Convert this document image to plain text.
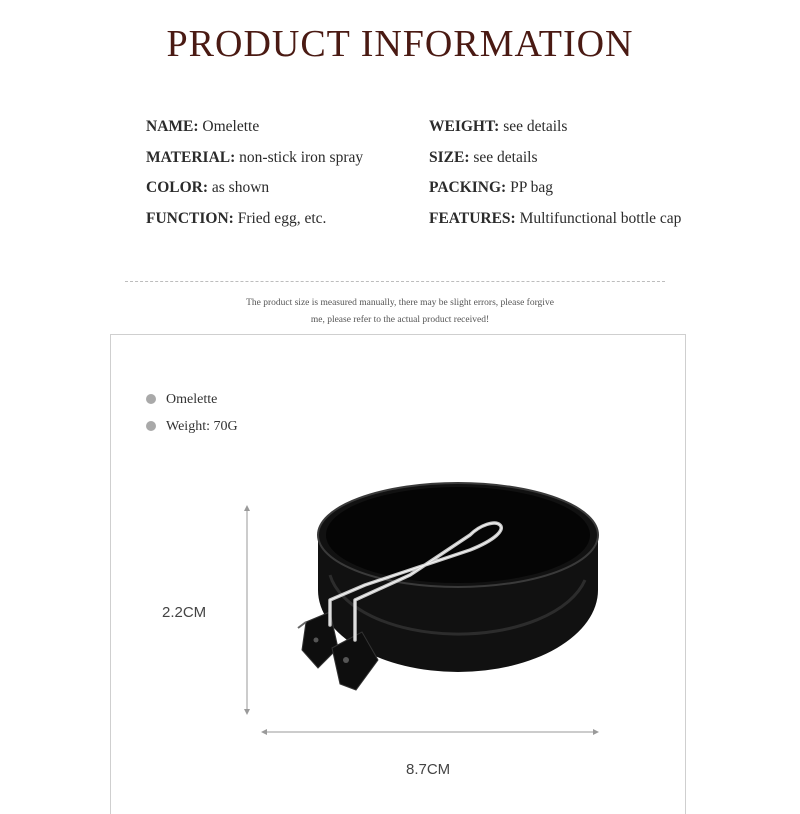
PRODUCT INFORMATION
NAME: Omelette
MATERIAL: non-stick iron spray
COLOR: as shown
FUNCTION: Fried egg, etc.
WEIGHT: see details
SIZE: see details
PACKING: PP bag
FEATURES: Multifunctional bottle cap
The product size is measured manually, there may be slight errors, please forgive
me, please refer to the actual product received!
Omelette
Weight: 70G
2.2CM
8.7CM
